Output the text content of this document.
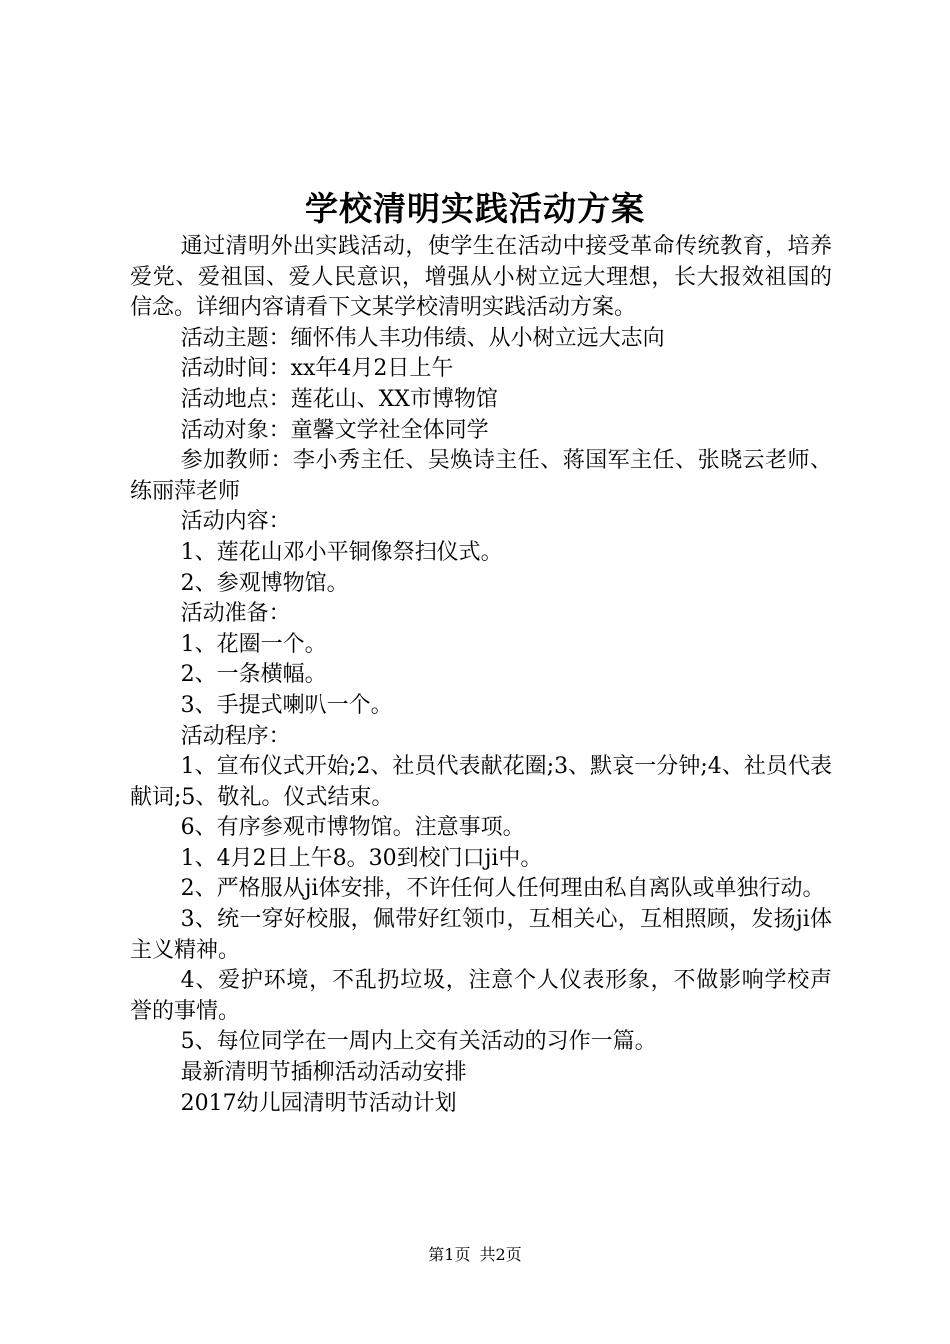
学校清明实践活动方案

通过清明外出实践活动，使学生在活动中接受革命传统教育，培养爱党、爱祖国、爱人民意识，增强从小树立远大理想，长大报效祖国的信念。详细内容请看下文某学校清明实践活动方案。

活动主题：缅怀伟人丰功伟绩、从小树立远大志向

活动时间：xx年4月2日上午

活动地点：莲花山、XX市博物馆

活动对象：童馨文学社全体同学

参加教师：李小秀主任、吴焕诗主任、蒋国军主任、张晓云老师、练丽萍老师

活动内容：

1、莲花山邓小平铜像祭扫仪式。

2、参观博物馆。

活动准备：

1、花圈一个。

2、一条横幅。

3、手提式喇叭一个。

活动程序：

1、宣布仪式开始;2、社员代表献花圈;3、默哀一分钟;4、社员代表献词;5、敬礼。仪式结束。

6、有序参观市博物馆。注意事项。

1、4月2日上午8。30到校门口ji中。

2、严格服从ji体安排，不许任何人任何理由私自离队或单独行动。

3、统一穿好校服，佩带好红领巾，互相关心，互相照顾，发扬ji体主义精神。

4、爱护环境，不乱扔垃圾，注意个人仪表形象，不做影响学校声誉的事情。

5、每位同学在一周内上交有关活动的习作一篇。

最新清明节插柳活动活动安排

2017幼儿园清明节活动计划

第1页 共2页
